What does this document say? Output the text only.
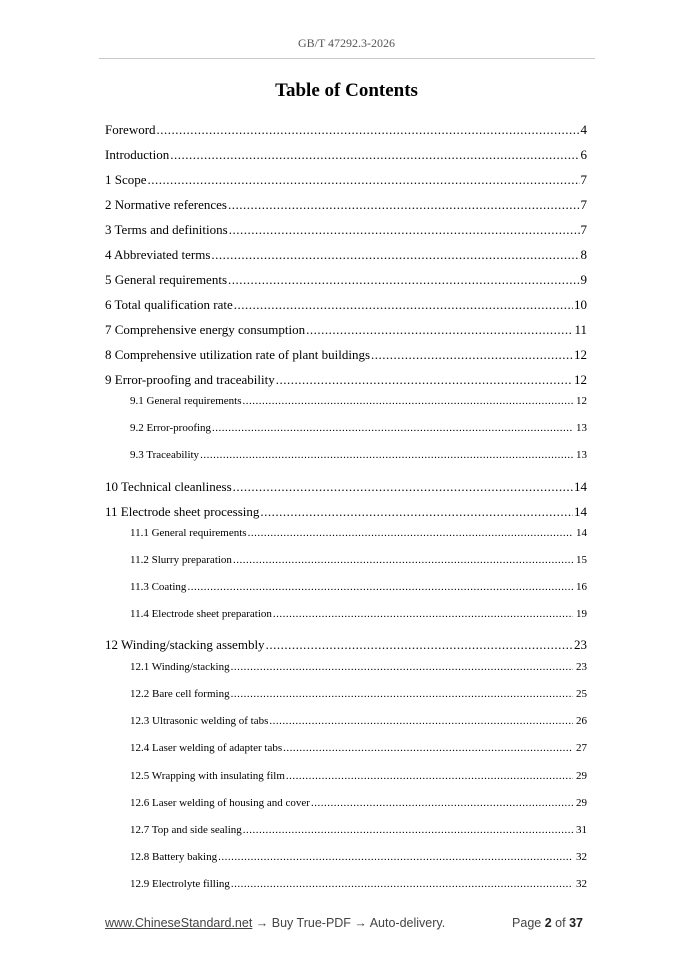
GB/T 47292.3-2026
Table of Contents
Foreword .....	4
Introduction .....	6
1 Scope .....	7
2 Normative references .....	7
3 Terms and definitions .....	7
4 Abbreviated terms .....	8
5 General requirements .....	9
6 Total qualification rate .....	10
7 Comprehensive energy consumption .....	11
8 Comprehensive utilization rate of plant buildings .....	12
9 Error-proofing and traceability .....	12
9.1 General requirements .....	12
9.2 Error-proofing .....	13
9.3 Traceability .....	13
10 Technical cleanliness .....	14
11 Electrode sheet processing .....	14
11.1 General requirements .....	14
11.2 Slurry preparation .....	15
11.3 Coating .....	16
11.4 Electrode sheet preparation .....	19
12 Winding/stacking assembly .....	23
12.1 Winding/stacking .....	23
12.2 Bare cell forming .....	25
12.3 Ultrasonic welding of tabs .....	26
12.4 Laser welding of adapter tabs .....	27
12.5 Wrapping with insulating film .....	29
12.6 Laser welding of housing and cover .....	29
12.7 Top and side sealing .....	31
12.8 Battery baking .....	32
12.9 Electrolyte filling .....	32
www.ChineseStandard.net → Buy True-PDF → Auto-delivery.	Page 2 of 37
